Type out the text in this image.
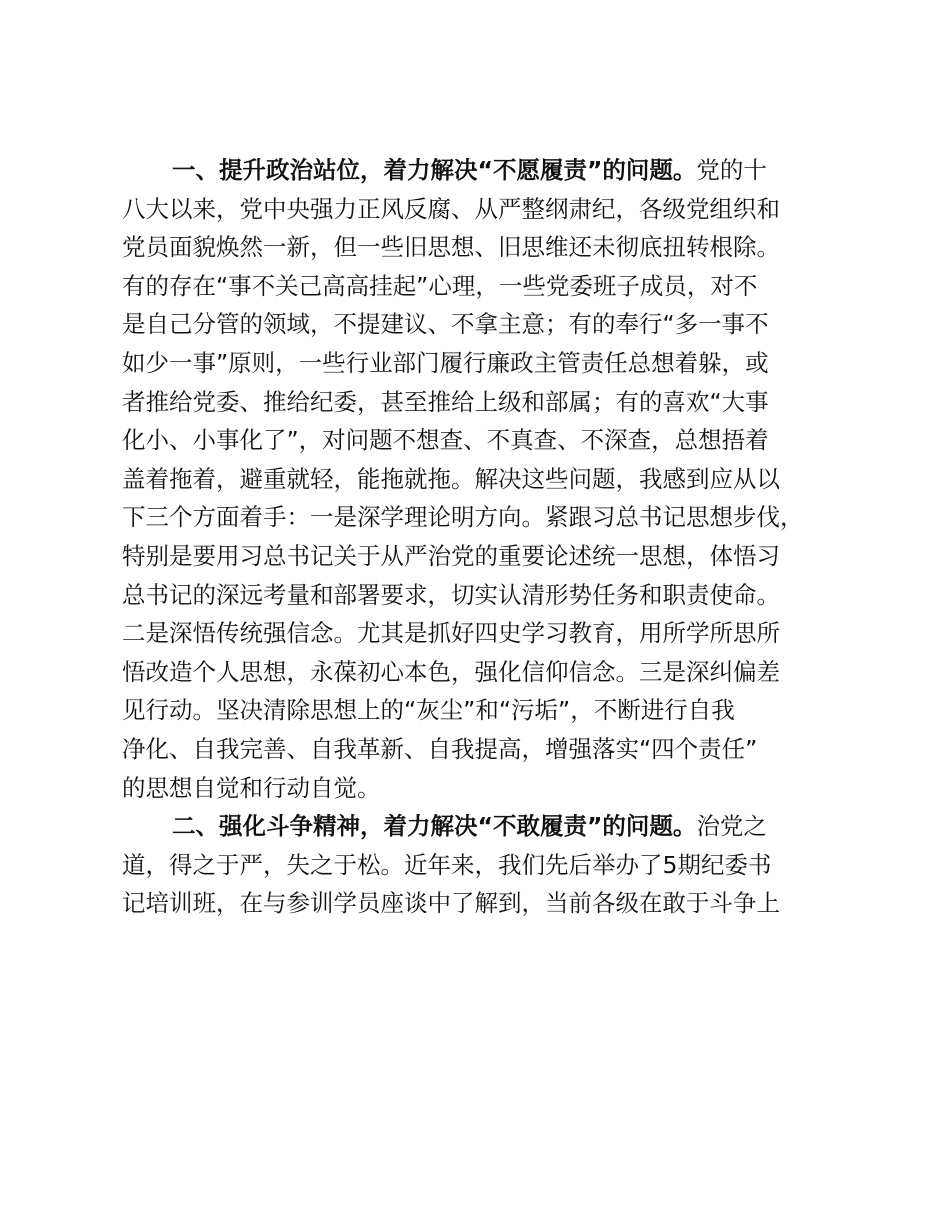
一、提升政治站位，着力解决“不愿履责”的问题。党的十
八大以来，党中央强力正风反腐、从严整纲肃纪，各级党组织和
党员面貌焕然一新，但一些旧思想、旧思维还未彻底扭转根除。
有的存在“事不关己高高挂起”心理，一些党委班子成员，对不
是自己分管的领域，不提建议、不拿主意；有的奉行“多一事不
如少一事”原则，一些行业部门履行廉政主管责任总想着躲，或
者推给党委、推给纪委，甚至推给上级和部属；有的喜欢“大事
化小、小事化了”，对问题不想查、不真查、不深查，总想捂着
盖着拖着，避重就轻，能拖就拖。解决这些问题，我感到应从以
下三个方面着手：一是深学理论明方向。紧跟习总书记思想步伐，
特别是要用习总书记关于从严治党的重要论述统一思想，体悟习
总书记的深远考量和部署要求，切实认清形势任务和职责使命。
二是深悟传统强信念。尤其是抓好四史学习教育，用所学所思所
悟改造个人思想，永葆初心本色，强化信仰信念。三是深纠偏差
见行动。坚决清除思想上的“灰尘”和“污垢”，不断进行自我
净化、自我完善、自我革新、自我提高，增强落实“四个责任”
的思想自觉和行动自觉。
二、强化斗争精神，着力解决“不敢履责”的问题。治党之
道，得之于严，失之于松。近年来，我们先后举办了5期纪委书
记培训班，在与参训学员座谈中了解到，当前各级在敢于斗争上
